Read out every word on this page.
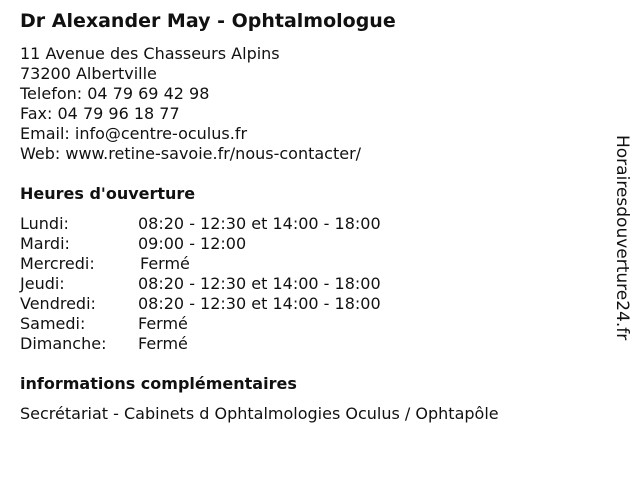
Dr Alexander May - Ophtalmologue
11 Avenue des Chasseurs Alpins
73200 Albertville
Telefon: 04 79 69 42 98
Fax: 04 79 96 18 77
Email: info@centre-oculus.fr
Web: www.retine-savoie.fr/nous-contacter/
Heures d'ouverture
Lundi:	08:20 - 12:30 et 14:00 - 18:00
Mardi:	09:00 - 12:00
Mercredi:	Fermé
Jeudi:	08:20 - 12:30 et 14:00 - 18:00
Vendredi:	08:20 - 12:30 et 14:00 - 18:00
Samedi:	Fermé
Dimanche: Fermé
informations complémentaires
Secrétariat - Cabinets d Ophtalmologies Oculus / Ophtapôle
Horairesdouverture24.fr
